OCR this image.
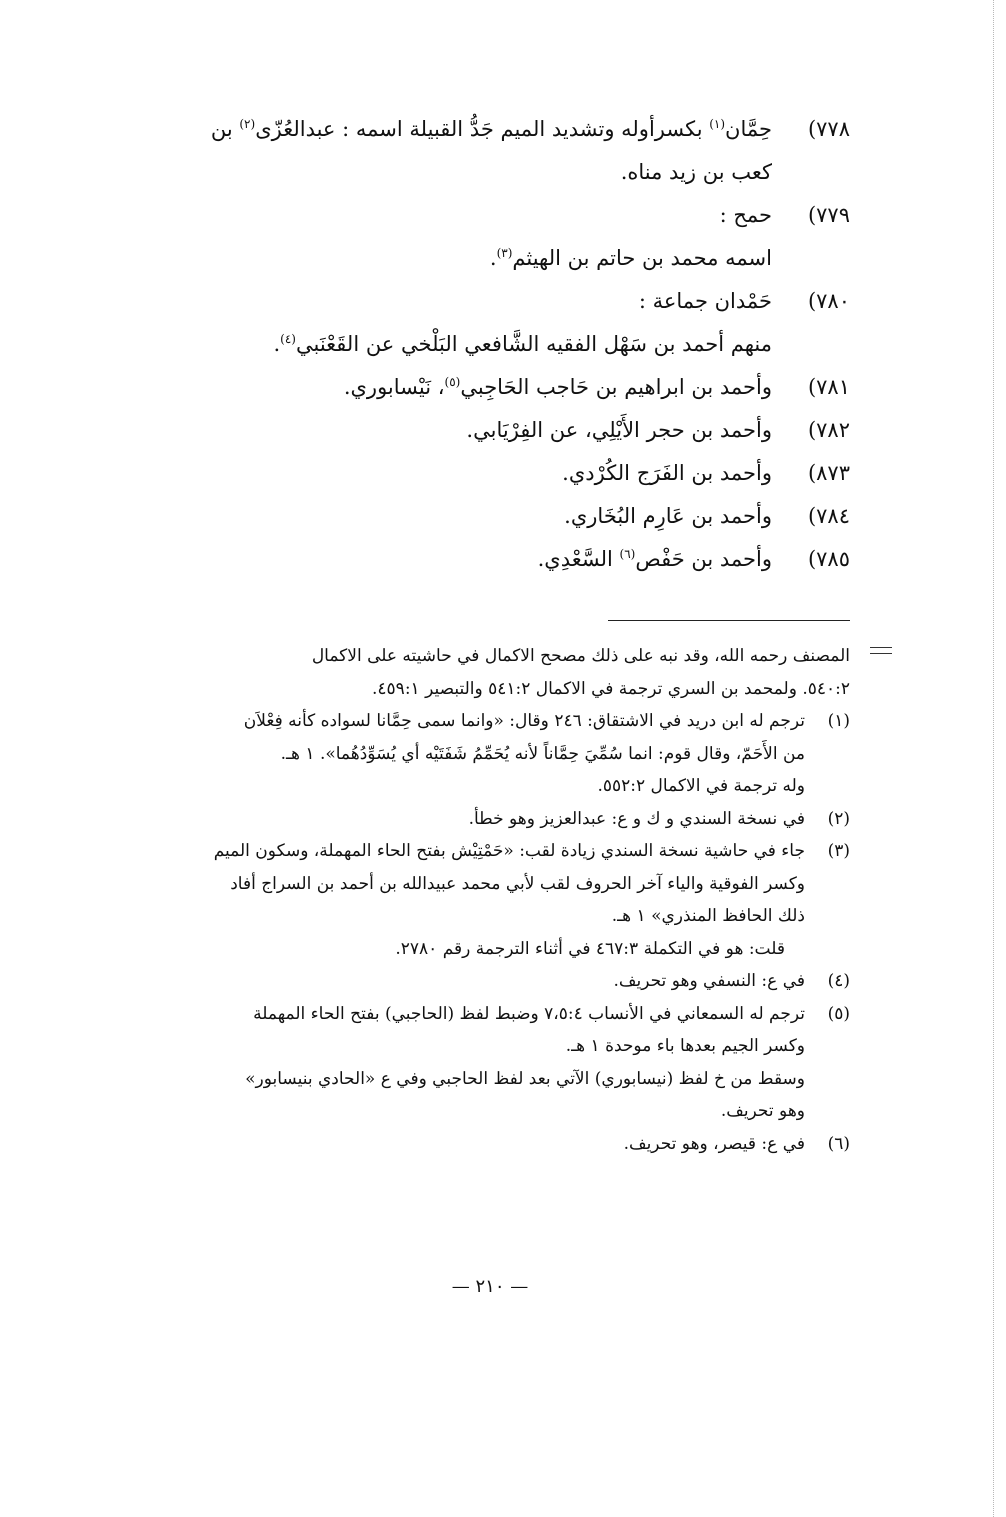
٧٧٨)
حِمَّان$^{(١)}$ بكسرأوله وتشديد الميم جَدُّ القبيلة اسمه : عبدالعُزّى$^{(٢)}$ بن
كعب بن زيد مناه.
٧٧٩)
حمح :
اسمه محمد بن حاتم بن الهيثم$^{(٣)}$.
٧٨٠)
حَمْدان جماعة :
منهم أحمد بن سَهْل الفقيه الشَّافعي البَلْخي عن القَعْنَبي$^{(٤)}$.
٧٨١)
وأحمد بن ابراهيم بن حَاجب الحَاجِبي$^{(٥)}$، نَيْسابوري.
٧٨٢)
وأحمد بن حجر الأَيْلِي، عن الفِرْيَابي.
٨٧٣)
وأحمد بن الفَرَج الكُرْدي.
٧٨٤)
وأحمد بن عَارِم البُخَاري.
٧٨٥)
وأحمد بن حَفْص$^{(٦)}$ السَّعْدِي.
المصنف رحمه الله، وقد نبه على ذلك مصحح الاكمال في حاشيته على الاكمال
٥٤٠:٢. ولمحمد بن السري ترجمة في الاكمال ٥٤١:٢ والتبصير ٤٥٩:١.
(١)

ترجم له ابن دريد في الاشتقاق: ٢٤٦ وقال: «وانما سمى حِمَّانا لسواده كأنه فِعْلاَن

من الأَحَمّ، وقال قوم: انما سُمِّيَ حِمَّاناً لأنه يُحَمِّمُ شَفَتَيْه أي يُسَوِّدُهُما». ١ هـ.

وله ترجمة في الاكمال ٥٥٢:٢.

(٢)

في نسخة السندي و ك و ع: عبدالعزيز وهو خطأ.

(٣)

جاء في حاشية نسخة السندي زيادة لقب: «حَمْتِيْش بفتح الحاء المهملة، وسكون الميم

وكسر الفوقية والياء آخر الحروف لقب لأبي محمد عبيدالله بن أحمد بن السراج أفاد

ذلك الحافظ المنذري» ١ هـ.

قلت: هو في التكملة ٤٦٧:٣ في أثناء الترجمة رقم ٢٧٨٠.

(٤)

في ع: النسفي وهو تحريف.

(٥)

ترجم له السمعاني في الأنساب ٧،٥:٤ وضبط لفظ (الحاجبي) بفتح الحاء المهملة

وكسر الجيم بعدها باء موحدة ١ هـ.

وسقط من خ لفظ (نيسابوري) الآتي بعد لفظ الحاجبي وفي ع «الحادي بنيسابور»

وهو تحريف.

(٦)

في ع: قيصر، وهو تحريف.

— ٢١٠ —
